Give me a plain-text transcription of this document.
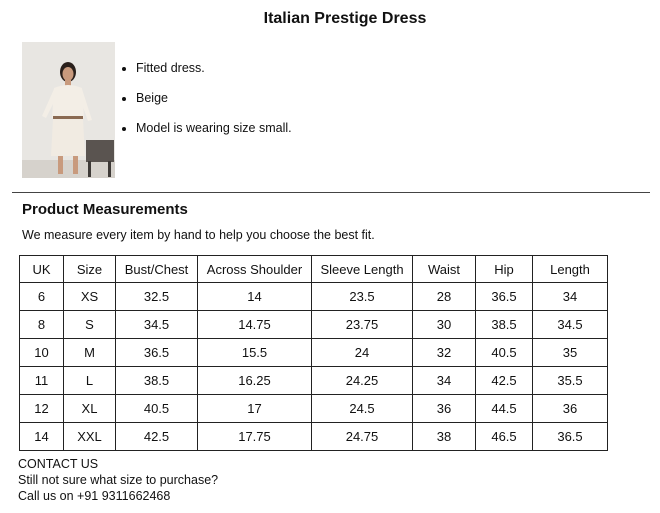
Italian Prestige Dress
• Fitted dress.
• Beige
• Model is wearing size small.
Product Measurements
We measure every item by hand to help you choose the best fit.
UK	Size	Bust/Chest	Across Shoulder	Sleeve Length	Waist	Hip	Length
6	XS	32.5	14	23.5	28	36.5	34
8	S	34.5	14.75	23.75	30	38.5	34.5
10	M	36.5	15.5	24	32	40.5	35
11	L	38.5	16.25	24.25	34	42.5	35.5
12	XL	40.5	17	24.5	36	44.5	36
14	XXL	42.5	17.75	24.75	38	46.5	36.5
CONTACT US
Still not sure what size to purchase?
Call us on +91 9311662468
